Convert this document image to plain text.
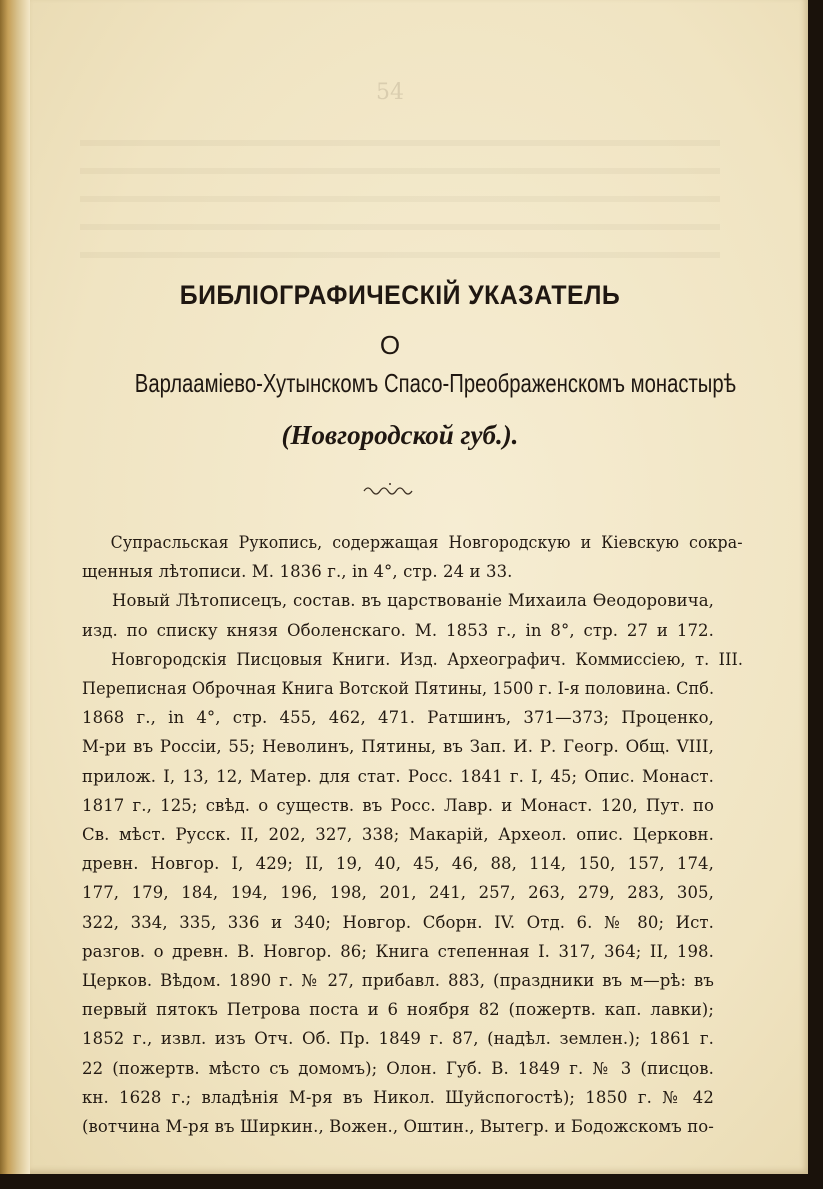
54
БИБЛIОГРАФИЧЕСКIЙ УКАЗАТЕЛЬ
О
Варлаамiево-Хутынскомъ Спасо-Преображенскомъ монастырѣ
(Новгородской губ.).
Супрасльская Рукопись, содержащая Новгородскую и Кiевскую сокра-
щенныя лѣтописи. М. 1836 г., in 4°, стр. 24 и 33.
Новый Лѣтописецъ, состав. въ царствованiе Михаила Ѳеодоровича,
изд. по списку князя Оболенскаго. М. 1853 г., in 8°, стр. 27 и 172.
Новгородскiя Писцовыя Книги. Изд. Археографич. Коммиссiею, т. III.
Переписная Оброчная Книга Вотской Пятины, 1500 г. I-я половина. Спб.
1868 г., in 4°, стр. 455, 462, 471. Ратшинъ, 371—373; Проценко,
М-ри въ Россiи, 55; Неволинъ, Пятины, въ Зап. И. Р. Геогр. Общ. VIII,
прилож. I, 13, 12, Матер. для стат. Росс. 1841 г. I, 45; Опис. Монаст.
1817 г., 125; свѣд. о существ. въ Росс. Лавр. и Монаст. 120, Пут. по
Св. мѣст. Русск. II, 202, 327, 338; Макарiй, Археол. опис. Церковн.
древн. Новгор. I, 429; II, 19, 40, 45, 46, 88, 114, 150, 157, 174,
177, 179, 184, 194, 196, 198, 201, 241, 257, 263, 279, 283, 305,
322, 334, 335, 336 и 340; Новгор. Сборн. IV. Отд. 6. № 80; Ист.
разгов. о древн. В. Новгор. 86; Книга степенная I. 317, 364; II, 198.
Церков. Вѣдом. 1890 г. № 27, прибавл. 883, (праздники въ м—рѣ: въ
первый пятокъ Петрова поста и 6 ноября 82 (пожертв. кап. лавки);
1852 г., извл. изъ Отч. Об. Пр. 1849 г. 87, (надѣл. землен.); 1861 г.
22 (пожертв. мѣсто съ домомъ); Олон. Губ. В. 1849 г. № 3 (писцов.
кн. 1628 г.; владѣнiя М-ря въ Никол. Шуйспогостѣ); 1850 г. № 42
(вотчина М-ря въ Ширкин., Вожен., Оштин., Вытегр. и Бодожскомъ по-
